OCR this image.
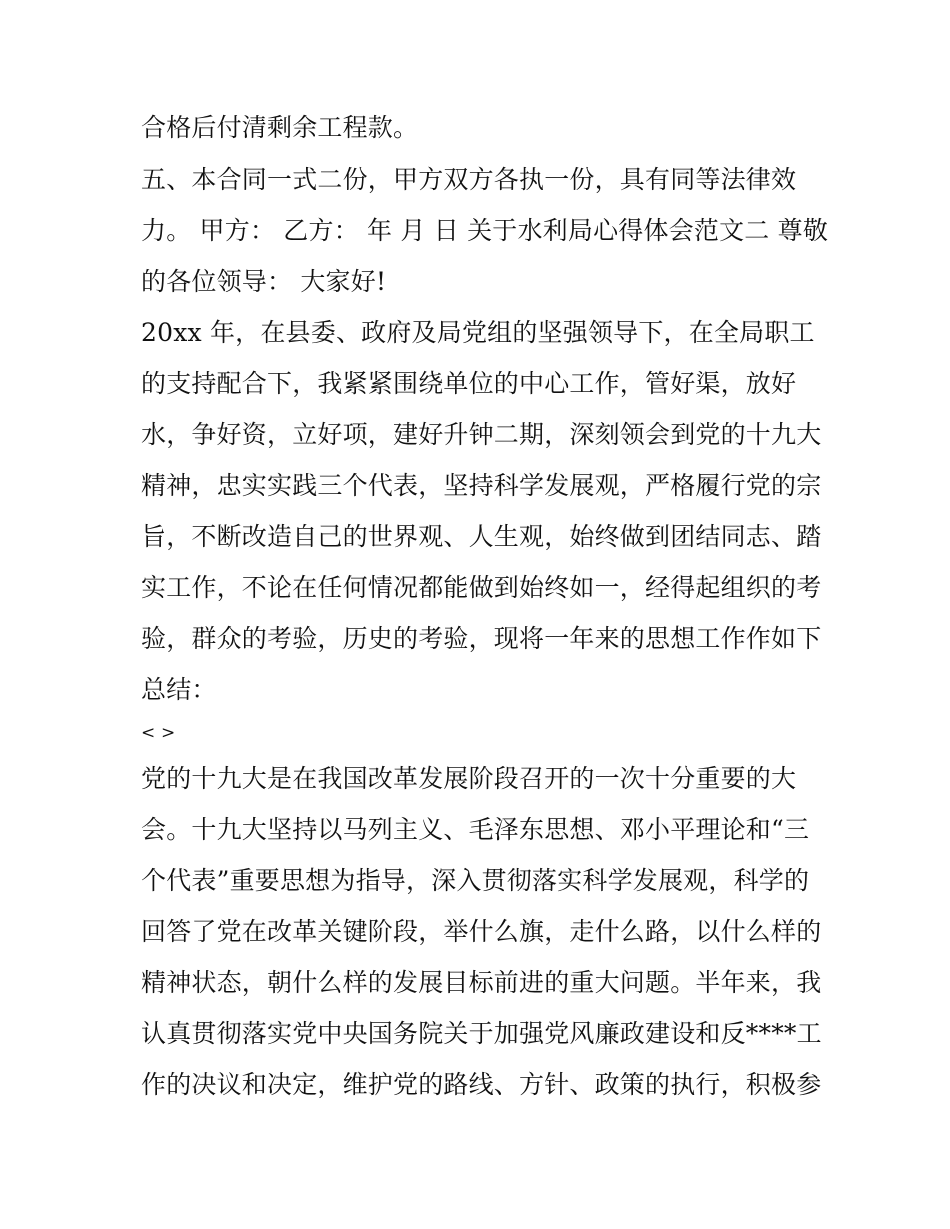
合格后付清剩余工程款。
五、本合同一式二份，甲方双方各执一份，具有同等法律效
力。 甲方： 乙方： 年 月 日 关于水利局心得体会范文二 尊敬
的各位领导： 大家好!
20xx 年，在县委、政府及局党组的坚强领导下，在全局职工
的支持配合下，我紧紧围绕单位的中心工作，管好渠，放好
水，争好资，立好项，建好升钟二期，深刻领会到党的十九大
精神，忠实实践三个代表，坚持科学发展观，严格履行党的宗
旨，不断改造自己的世界观、人生观，始终做到团结同志、踏
实工作，不论在任何情况都能做到始终如一，经得起组织的考
验，群众的考验，历史的考验，现将一年来的思想工作作如下
总结：
< >
党的十九大是在我国改革发展阶段召开的一次十分重要的大
会。十九大坚持以马列主义、毛泽东思想、邓小平理论和“三
个代表”重要思想为指导，深入贯彻落实科学发展观，科学的
回答了党在改革关键阶段，举什么旗，走什么路，以什么样的
精神状态，朝什么样的发展目标前进的重大问题。半年来，我
认真贯彻落实党中央国务院关于加强党风廉政建设和反****工
作的决议和决定，维护党的路线、方针、政策的执行，积极参
